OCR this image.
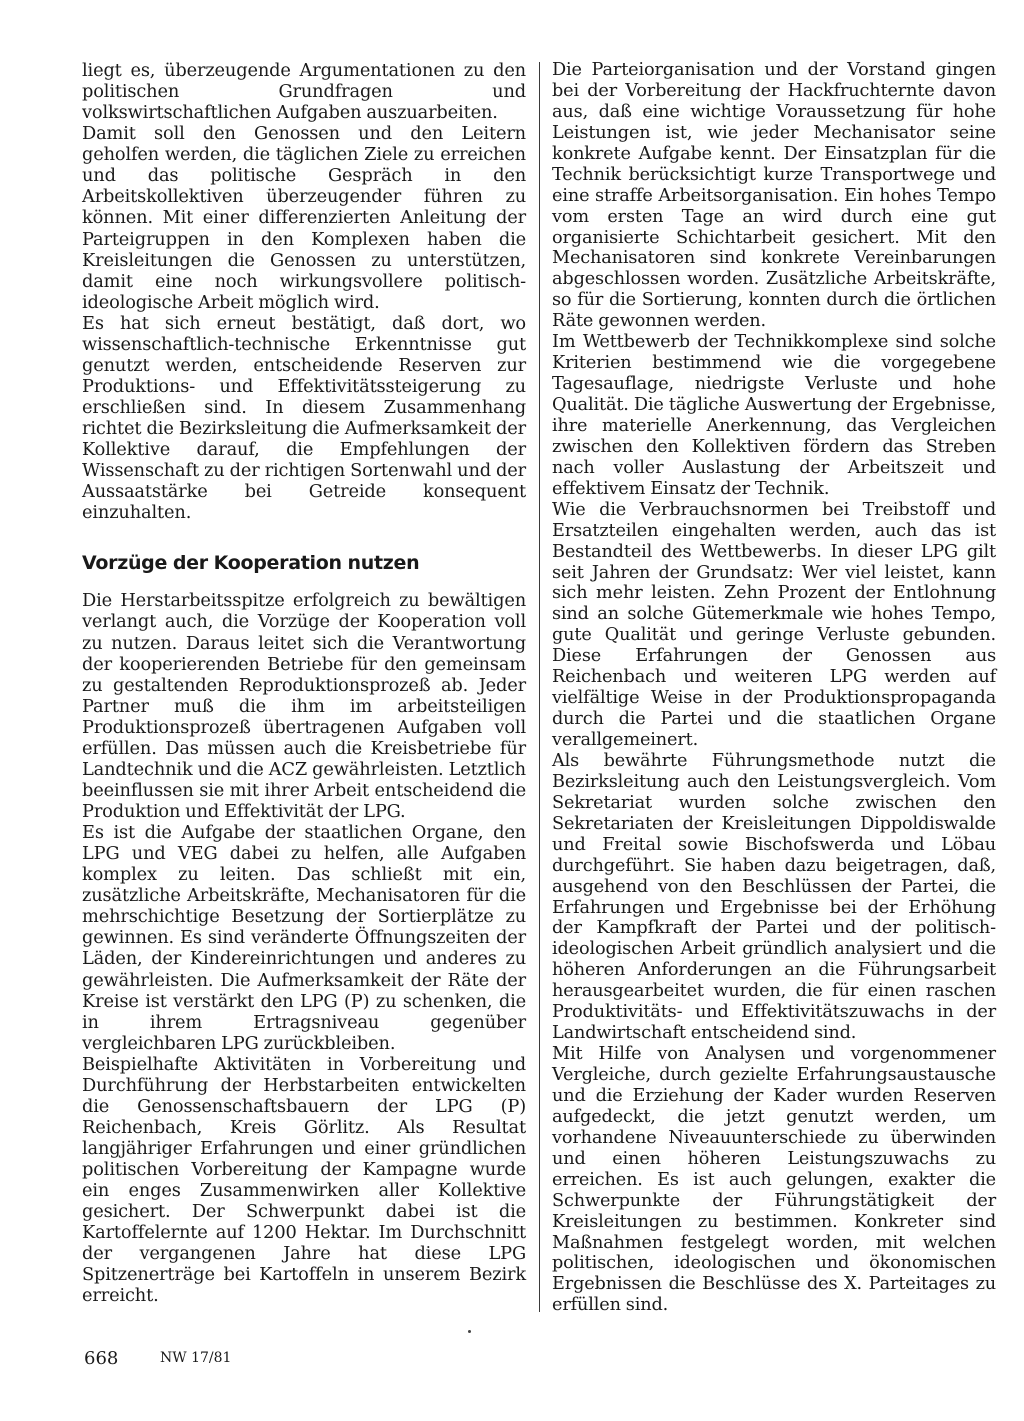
liegt es, überzeugende Argumentationen zu den politischen Grundfragen und volkswirtschaftlichen Aufgaben auszuarbeiten.

Damit soll den Genossen und den Leitern geholfen werden, die täglichen Ziele zu erreichen und das politische Gespräch in den Arbeitskollektiven überzeugender führen zu können. Mit einer differenzierten Anleitung der Parteigruppen in den Komplexen haben die Kreisleitungen die Genossen zu unterstützen, damit eine noch wirkungsvollere politisch-ideologische Arbeit möglich wird.

Es hat sich erneut bestätigt, daß dort, wo wissenschaftlich-technische Erkenntnisse gut genutzt werden, entscheidende Reserven zur Produktions- und Effektivitätssteigerung zu erschließen sind. In diesem Zusammenhang richtet die Bezirksleitung die Aufmerksamkeit der Kollektive darauf, die Empfehlungen der Wissenschaft zu der richtigen Sortenwahl und der Aussaatstärke bei Getreide konsequent einzuhalten.

Vorzüge der Kooperation nutzen

Die Herstarbeitsspitze erfolgreich zu bewältigen verlangt auch, die Vorzüge der Kooperation voll zu nutzen. Daraus leitet sich die Verantwortung der kooperierenden Betriebe für den gemeinsam zu gestaltenden Reproduktionsprozeß ab. Jeder Partner muß die ihm im arbeitsteiligen Produktionsprozeß übertragenen Aufgaben voll erfüllen. Das müssen auch die Kreisbetriebe für Landtechnik und die ACZ gewährleisten. Letztlich beeinflussen sie mit ihrer Arbeit entscheidend die Produktion und Effektivität der LPG.

Es ist die Aufgabe der staatlichen Organe, den LPG und VEG dabei zu helfen, alle Aufgaben komplex zu leiten. Das schließt mit ein, zusätzliche Arbeitskräfte, Mechanisatoren für die mehrschichtige Besetzung der Sortierplätze zu gewinnen. Es sind veränderte Öffnungszeiten der Läden, der Kindereinrichtungen und anderes zu gewährleisten. Die Aufmerksamkeit der Räte der Kreise ist verstärkt den LPG (P) zu schenken, die in ihrem Ertragsniveau gegenüber vergleichbaren LPG zurückbleiben.

Beispielhafte Aktivitäten in Vorbereitung und Durchführung der Herbstarbeiten entwickelten die Genossenschaftsbauern der LPG (P) Reichenbach, Kreis Görlitz. Als Resultat langjähriger Erfahrungen und einer gründlichen politischen Vorbereitung der Kampagne wurde ein enges Zusammenwirken aller Kollektive gesichert. Der Schwerpunkt dabei ist die Kartoffelernte auf 1200 Hektar. Im Durchschnitt der vergangenen Jahre hat diese LPG Spitzenerträge bei Kartoffeln in unserem Bezirk erreicht.

Die Parteiorganisation und der Vorstand gingen bei der Vorbereitung der Hackfruchternte davon aus, daß eine wichtige Voraussetzung für hohe Leistungen ist, wie jeder Mechanisator seine konkrete Aufgabe kennt. Der Einsatzplan für die Technik berücksichtigt kurze Transportwege und eine straffe Arbeitsorganisation. Ein hohes Tempo vom ersten Tage an wird durch eine gut organisierte Schichtarbeit gesichert. Mit den Mechanisatoren sind konkrete Vereinbarungen abgeschlossen worden. Zusätzliche Arbeitskräfte, so für die Sortierung, konnten durch die örtlichen Räte gewonnen werden.

Im Wettbewerb der Technikkomplexe sind solche Kriterien bestimmend wie die vorgegebene Tagesauflage, niedrigste Verluste und hohe Qualität. Die tägliche Auswertung der Ergebnisse, ihre materielle Anerkennung, das Vergleichen zwischen den Kollektiven fördern das Streben nach voller Auslastung der Arbeitszeit und effektivem Einsatz der Technik.

Wie die Verbrauchsnormen bei Treibstoff und Ersatzteilen eingehalten werden, auch das ist Bestandteil des Wettbewerbs. In dieser LPG gilt seit Jahren der Grundsatz: Wer viel leistet, kann sich mehr leisten. Zehn Prozent der Entlohnung sind an solche Gütemerkmale wie hohes Tempo, gute Qualität und geringe Verluste gebunden. Diese Erfahrungen der Genossen aus Reichenbach und weiteren LPG werden auf vielfältige Weise in der Produktionspropaganda durch die Partei und die staatlichen Organe verallgemeinert.

Als bewährte Führungsmethode nutzt die Bezirksleitung auch den Leistungsvergleich. Vom Sekretariat wurden solche zwischen den Sekretariaten der Kreisleitungen Dippoldiswalde und Freital sowie Bischofswerda und Löbau durchgeführt. Sie haben dazu beigetragen, daß, ausgehend von den Beschlüssen der Partei, die Erfahrungen und Ergebnisse bei der Erhöhung der Kampfkraft der Partei und der politisch-ideologischen Arbeit gründlich analysiert und die höheren Anforderungen an die Führungsarbeit herausgearbeitet wurden, die für einen raschen Produktivitäts- und Effektivitätszuwachs in der Landwirtschaft entscheidend sind.

Mit Hilfe von Analysen und vorgenommener Vergleiche, durch gezielte Erfahrungsaustausche und die Erziehung der Kader wurden Reserven aufgedeckt, die jetzt genutzt werden, um vorhandene Niveauunterschiede zu überwinden und einen höheren Leistungszuwachs zu erreichen. Es ist auch gelungen, exakter die Schwerpunkte der Führungstätigkeit der Kreisleitungen zu bestimmen. Konkreter sind Maßnahmen festgelegt worden, mit welchen politischen, ideologischen und ökonomischen Ergebnissen die Beschlüsse des X. Parteitages zu erfüllen sind.

668	NW 17/81
